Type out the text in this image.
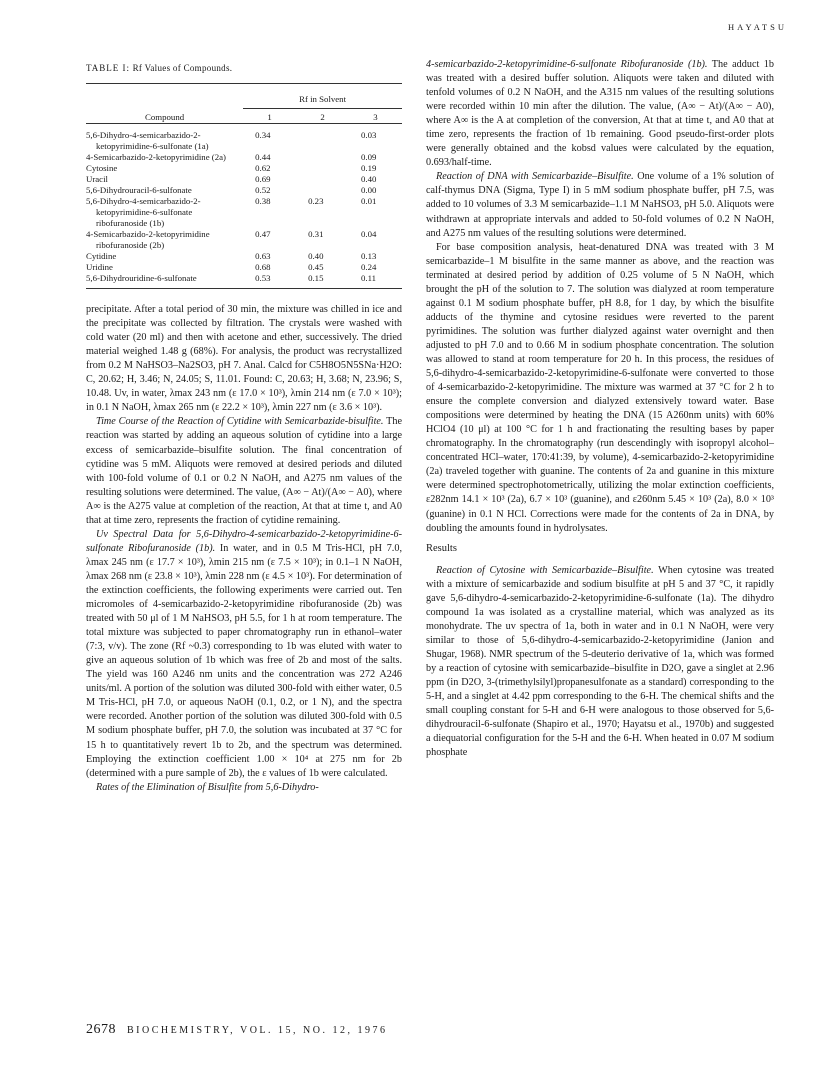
HAYATSU
TABLE I: Rf Values of Compounds.
	Rf in Solvent		
Compound	1	2	3
5,6-Dihydro-4-semicarbazido-2-ketopyrimidine-6-sulfonate (1a)	0.34		0.03
4-Semicarbazido-2-ketopyrimidine (2a)	0.44		0.09
Cytosine	0.62		0.19
Uracil	0.69		0.40
5,6-Dihydrouracil-6-sulfonate	0.52		0.00
5,6-Dihydro-4-semicarbazido-2-ketopyrimidine-6-sulfonate ribofuranoside (1b)	0.38	0.23	0.01
4-Semicarbazido-2-ketopyrimidine ribofuranoside (2b)	0.47	0.31	0.04
Cytidine	0.63	0.40	0.13
Uridine	0.68	0.45	0.24
5,6-Dihydrouridine-6-sulfonate	0.53	0.15	0.11

precipitate. After a total period of 30 min, the mixture was chilled in ice and the precipitate was collected by filtration. The crystals were washed with cold water (20 ml) and then with acetone and ether, successively. The dried material weighed 1.48 g (68%). For analysis, the product was recrystallized from 0.2 M NaHSO3–Na2SO3, pH 7. Anal. Calcd for C5H8O5N5SNa·H2O: C, 20.62; H, 3.46; N, 24.05; S, 11.01. Found: C, 20.63; H, 3.68; N, 23.96; S, 10.48. Uv, in water, λmax 243 nm (ε 17.0 × 10³), λmin 214 nm (ε 7.0 × 10³); in 0.1 N NaOH, λmax 265 nm (ε 22.2 × 10³), λmin 227 nm (ε 3.6 × 10³).

Time Course of the Reaction of Cytidine with Semicarbazide-bisulfite. The reaction was started by adding an aqueous solution of cytidine into a large excess of semicarbazide–bisulfite solution. The final concentration of cytidine was 5 mM. Aliquots were removed at desired periods and diluted with 100-fold volume of 0.1 or 0.2 N NaOH, and A275 nm values of the resulting solutions were determined. The value, (A∞ − At)/(A∞ − A0), where A∞ is the A275 value at completion of the reaction, At that at time t, and A0 that at time zero, represents the fraction of cytidine remaining.

Uv Spectral Data for 5,6-Dihydro-4-semicarbazido-2-ketopyrimidine-6-sulfonate Ribofuranoside (1b). In water, and in 0.5 M Tris-HCl, pH 7.0, λmax 245 nm (ε 17.7 × 10³), λmin 215 nm (ε 7.5 × 10³); in 0.1–1 N NaOH, λmax 268 nm (ε 23.8 × 10³), λmin 228 nm (ε 4.5 × 10³). For determination of the extinction coefficients, the following experiments were carried out. Ten micromoles of 4-semicarbazido-2-ketopyrimidine ribofuranoside (2b) was treated with 50 μl of 1 M NaHSO3, pH 5.5, for 1 h at room temperature. The total mixture was subjected to paper chromatography run in ethanol–water (7:3, v/v). The zone (Rf ~0.3) corresponding to 1b was eluted with water to give an aqueous solution of 1b which was free of 2b and most of the salts. The yield was 160 A246 nm units and the concentration was 272 A246 units/ml. A portion of the solution was diluted 300-fold with either water, 0.5 M Tris-HCl, pH 7.0, or aqueous NaOH (0.1, 0.2, or 1 N), and the spectra were recorded. Another portion of the solution was diluted 300-fold with 0.5 M sodium phosphate buffer, pH 7.0, the solution was incubated at 37 °C for 15 h to quantitatively revert 1b to 2b, and the spectrum was determined. Employing the extinction coefficient 1.00 × 10⁴ at 275 nm for 2b (determined with a pure sample of 2b), the ε values of 1b were calculated.

Rates of the Elimination of Bisulfite from 5,6-Dihydro-

4-semicarbazido-2-ketopyrimidine-6-sulfonate Ribofuranoside (1b). The adduct 1b was treated with a desired buffer solution. Aliquots were taken and diluted with tenfold volumes of 0.2 N NaOH, and the A315 nm values of the resulting solutions were recorded within 10 min after the dilution. The value, (A∞ − At)/(A∞ − A0), where A∞ is the A at completion of the conversion, At that at time t, and A0 that at time zero, represents the fraction of 1b remaining. Good pseudo-first-order plots were generally obtained and the kobsd values were calculated by the equation, 0.693/half-time.

Reaction of DNA with Semicarbazide–Bisulfite. One volume of a 1% solution of calf-thymus DNA (Sigma, Type I) in 5 mM sodium phosphate buffer, pH 7.5, was added to 10 volumes of 3.3 M semicarbazide–1.1 M NaHSO3, pH 5.0. Aliquots were withdrawn at appropriate intervals and added to 50-fold volumes of 0.2 N NaOH, and A275 nm values of the resulting solutions were determined.

For base composition analysis, heat-denatured DNA was treated with 3 M semicarbazide–1 M bisulfite in the same manner as above, and the reaction was terminated at desired period by addition of 0.25 volume of 5 N NaOH, which brought the pH of the solution to 7. The solution was dialyzed at room temperature against 0.1 M sodium phosphate buffer, pH 8.8, for 1 day, by which the bisulfite adducts of the thymine and cytosine residues were reverted to the parent pyrimidines. The solution was further dialyzed against water overnight and then adjusted to pH 7.0 and to 0.66 M in sodium phosphate concentration. The solution was allowed to stand at room temperature for 20 h. In this process, the residues of 5,6-dihydro-4-semicarbazido-2-ketopyrimidine-6-sulfonate were converted to those of 4-semicarbazido-2-ketopyrimidine. The mixture was warmed at 37 °C for 2 h to ensure the complete conversion and dialyzed extensively toward water. Base compositions were determined by heating the DNA (15 A260nm units) with 60% HClO4 (10 μl) at 100 °C for 1 h and fractionating the resulting bases by paper chromatography. In the chromatography (run descendingly with isopropyl alcohol–concentrated HCl–water, 170:41:39, by volume), 4-semicarbazido-2-ketopyrimidine (2a) traveled together with guanine. The contents of 2a and guanine in this mixture were determined spectrophotometrically, utilizing the molar extinction coefficients, ε282nm 14.1 × 10³ (2a), 6.7 × 10³ (guanine), and ε260nm 5.45 × 10³ (2a), 8.0 × 10³ (guanine) in 0.1 N HCl. Corrections were made for the contents of 2a in DNA, by doubling the amounts found in hydrolysates.

Results

Reaction of Cytosine with Semicarbazide–Bisulfite. When cytosine was treated with a mixture of semicarbazide and sodium bisulfite at pH 5 and 37 °C, it rapidly gave 5,6-dihydro-4-semicarbazido-2-ketopyrimidine-6-sulfonate (1a). The dihydro compound 1a was isolated as a crystalline material, which was analyzed as its monohydrate. The uv spectra of 1a, both in water and in 0.1 N NaOH, were very similar to those of 5,6-dihydro-4-semicarbazido-2-ketopyrimidine (Janion and Shugar, 1968). NMR spectrum of the 5-deuterio derivative of 1a, which was formed by a reaction of cytosine with semicarbazide–bisulfite in D2O, gave a singlet at 2.96 ppm (in D2O, 3-(trimethylsilyl)propanesulfonate as a standard) corresponding to the 5-H, and a singlet at 4.42 ppm corresponding to the 6-H. The chemical shifts and the small coupling constant for 5-H and 6-H were analogous to those observed for 5,6-dihydrouracil-6-sulfonate (Shapiro et al., 1970; Hayatsu et al., 1970b) and suggested a diequatorial configuration for the 5-H and the 6-H. When heated in 0.07 M sodium phosphate

2678 BIOCHEMISTRY, VOL. 15, NO. 12, 1976
